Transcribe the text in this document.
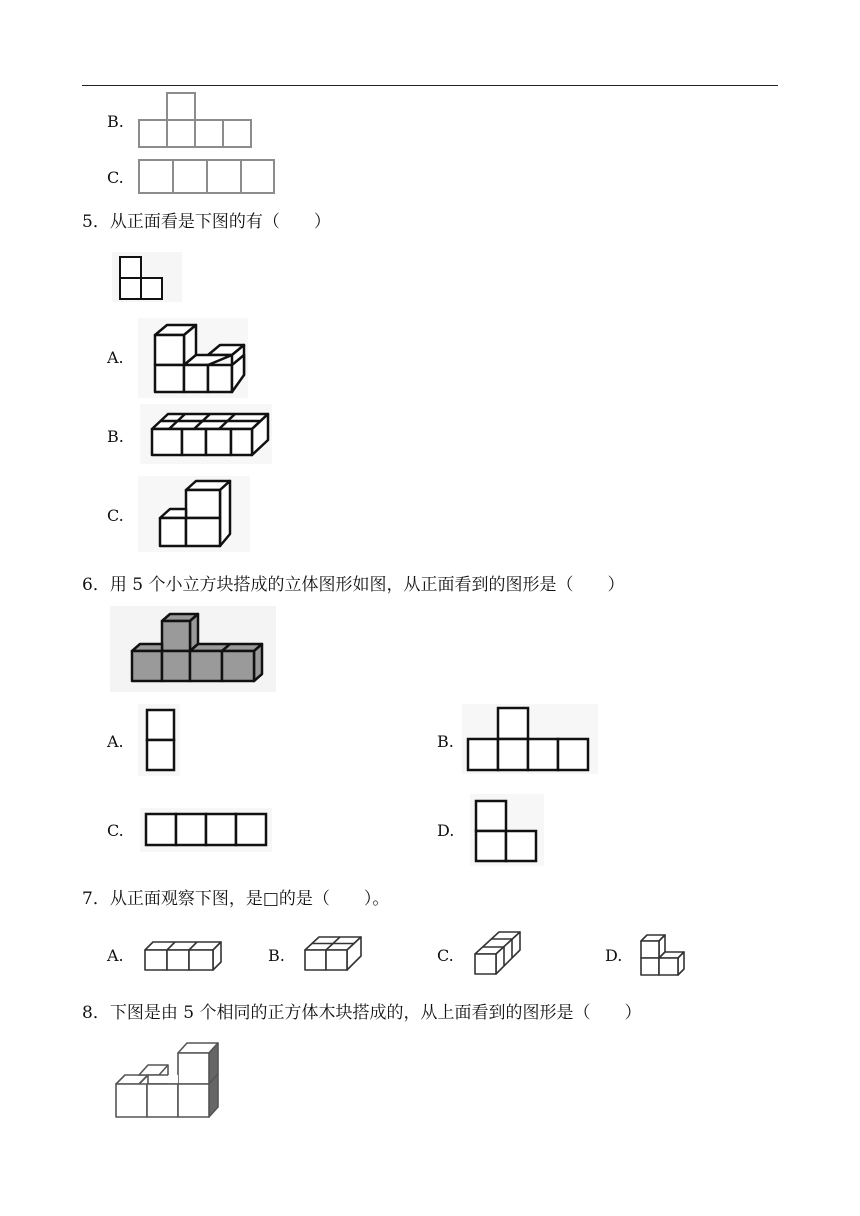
B.
C.
5．从正面看是下图的有（　　）
A.
B.
C.
6．用 5 个小立方块搭成的立体图形如图，从正面看到的图形是（　　）
A.	B.
C.	D.
7．从正面观察下图，是□的是（　　）。
A.	B.	C.	D.
8．下图是由 5 个相同的正方体木块搭成的，从上面看到的图形是（　　）
